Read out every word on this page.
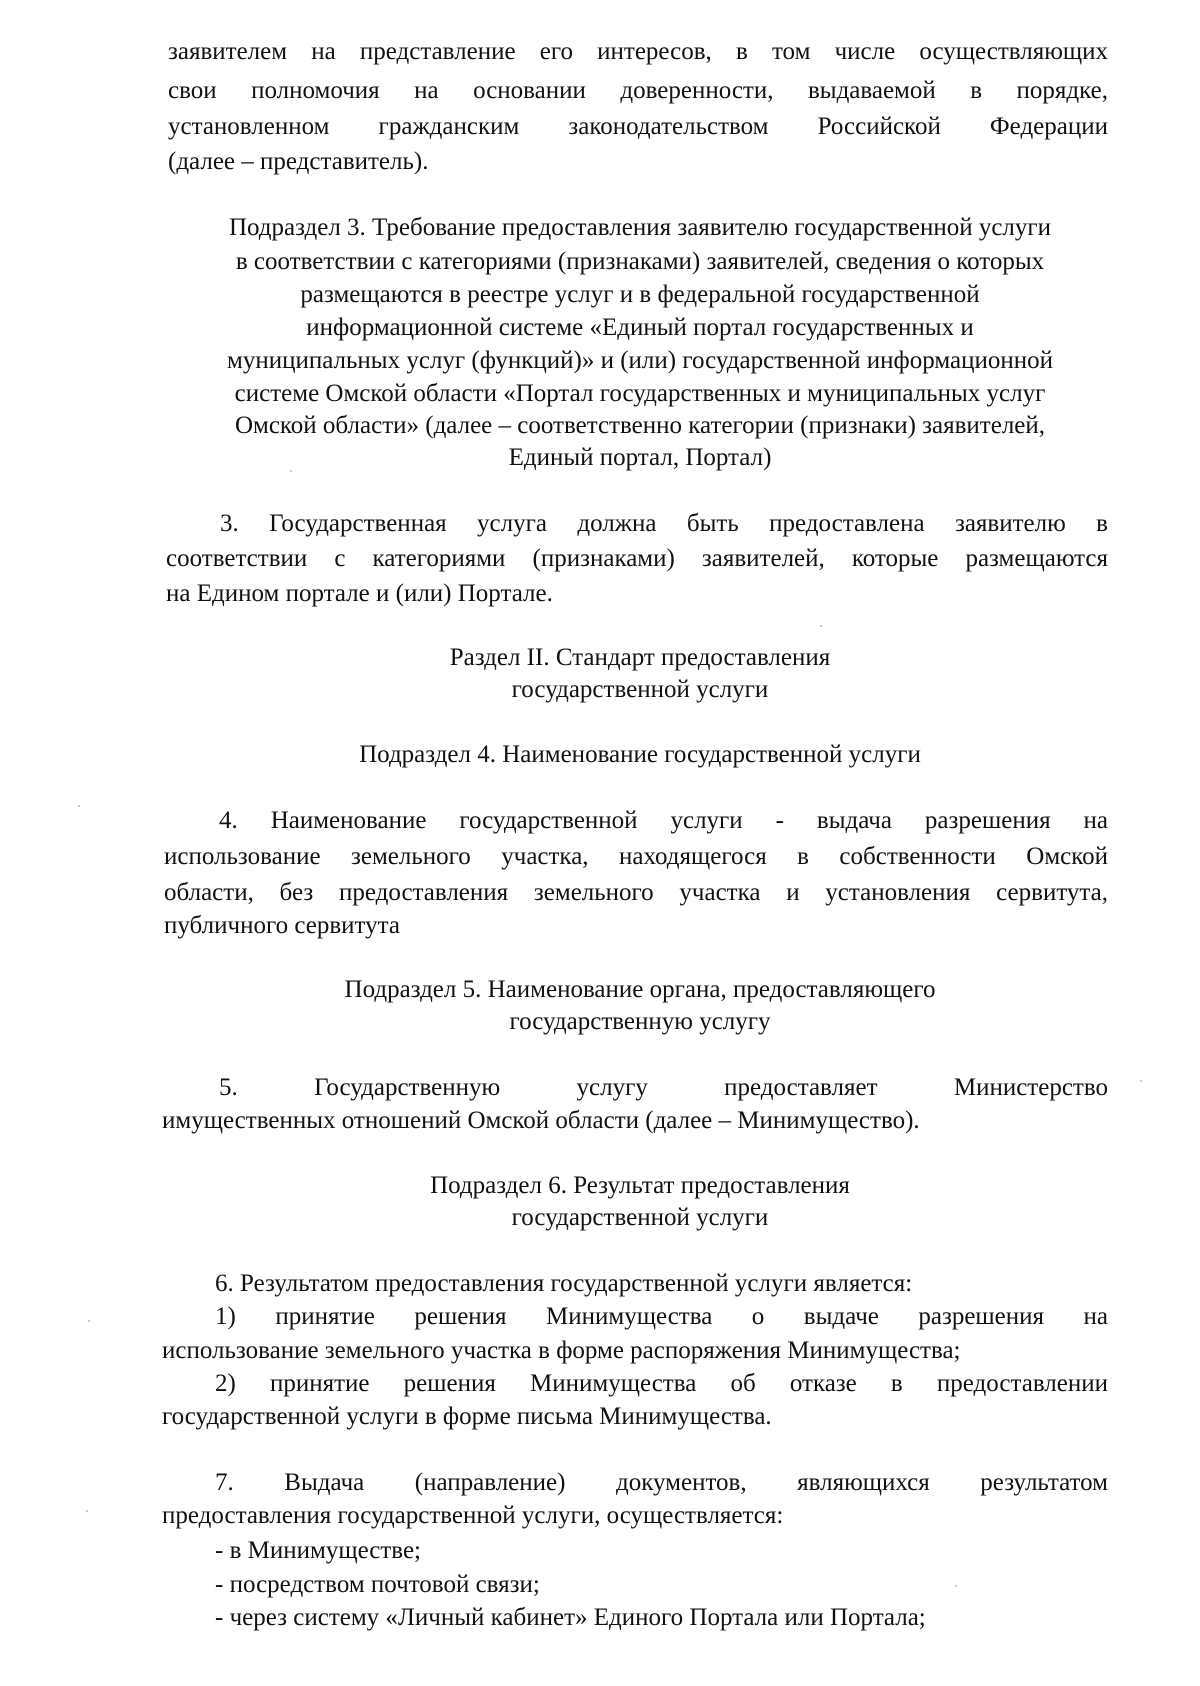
заявителем на представление его интересов, в том числе осуществляющих
свои полномочия на основании доверенности, выдаваемой в порядке,
установленном гражданским законодательством Российской Федерации
(далее – представитель).
Подраздел 3. Требование предоставления заявителю государственной услуги
в соответствии с категориями (признаками) заявителей, сведения о которых
размещаются в реестре услуг и в федеральной государственной
информационной системе «Единый портал государственных и
муниципальных услуг (функций)» и (или) государственной информационной
системе Омской области «Портал государственных и муниципальных услуг
Омской области» (далее – соответственно категории (признаки) заявителей,
Единый портал, Портал)
3. Государственная услуга должна быть предоставлена заявителю в
соответствии с категориями (признаками) заявителей, которые размещаются
на Едином портале и (или) Портале.
Раздел II. Стандарт предоставления
государственной услуги
Подраздел 4. Наименование государственной услуги
4. Наименование государственной услуги - выдача разрешения на
использование земельного участка, находящегося в собственности Омской
области, без предоставления земельного участка и установления сервитута,
публичного сервитута
Подраздел 5. Наименование органа, предоставляющего
государственную услугу
5.    Государственную    услугу    предоставляет    Министерство
имущественных отношений Омской области (далее – Минимущество).
Подраздел 6. Результат предоставления
государственной услуги
6. Результатом предоставления государственной услуги является:
1) принятие решения Минимущества о выдаче разрешения на
использование земельного участка в форме распоряжения Минимущества;
2) принятие решения Минимущества об отказе в предоставлении
государственной услуги в форме письма Минимущества.
7.    Выдача    (направление)    документов,    являющихся    результатом
предоставления государственной услуги, осуществляется:
- в Минимуществе;
- посредством почтовой связи;
- через систему «Личный кабинет» Единого Портала или Портала;
